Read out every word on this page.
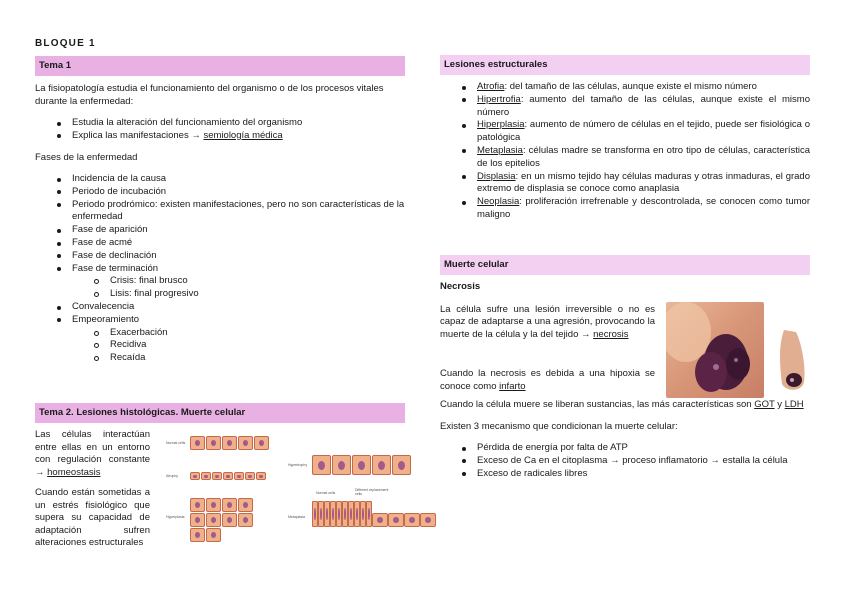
BLOQUE 1
Tema 1

La fisiopatología estudia el funcionamiento del organismo o de los procesos vitales durante la enfermedad:

Estudia la alteración del funcionamiento del organismo
Explica las manifestaciones → semiología médica

Fases de la enfermedad

Incidencia de la causa
Periodo de incubación
Periodo prodrómico: existen manifestaciones, pero no son características de la enfermedad
Fase de aparición
Fase de acmé
Fase de declinación
Fase de terminación
Crisis: final brusco
Lisis: final progresivo
Convalecencia
Empeoramiento
Exacerbación
Recidiva
Recaída
Tema 2. Lesiones histológicas. Muerte celular

Las células interactúan entre ellas en un entorno con regulación constante → homeostasis

Cuando están sometidas a un estrés fisiológico que supera su capacidad de adaptación sufren alteraciones estructurales

Normal cells
Atrophy
Hyperplasia
Hypertrophy
Normal cells
Different replacement cells
Metaplasia
Lesiones estructurales
Atrofia: del tamaño de las células, aunque existe el mismo número
Hipertrofia: aumento del tamaño de las células, aunque existe el mismo número
Hiperplasia: aumento de número de células en el tejido, puede ser fisiológica o patológica
Metaplasia: células madre se transforma en otro tipo de células, característica de los epitelios
Displasia: en un mismo tejido hay células maduras y otras inmaduras, el grado extremo de displasia se conoce como anaplasia
Neoplasia: proliferación irrefrenable y descontrolada, se conocen como tumor maligno
Muerte celular

Necrosis

La célula sufre una lesión irreversible o no es capaz de adaptarse a una agresión, provocando la muerte de la célula y la del tejido → necrosis

Cuando la necrosis es debida a una hipoxia se conoce como infarto

Cuando la célula muere se liberan sustancias, las más características son GOT y LDH

Existen 3 mecanismo que condicionan la muerte celular:

Pérdida de energía por falta de ATP
Exceso de Ca en el citoplasma → proceso inflamatorio → estalla la célula
Exceso de radicales libres
